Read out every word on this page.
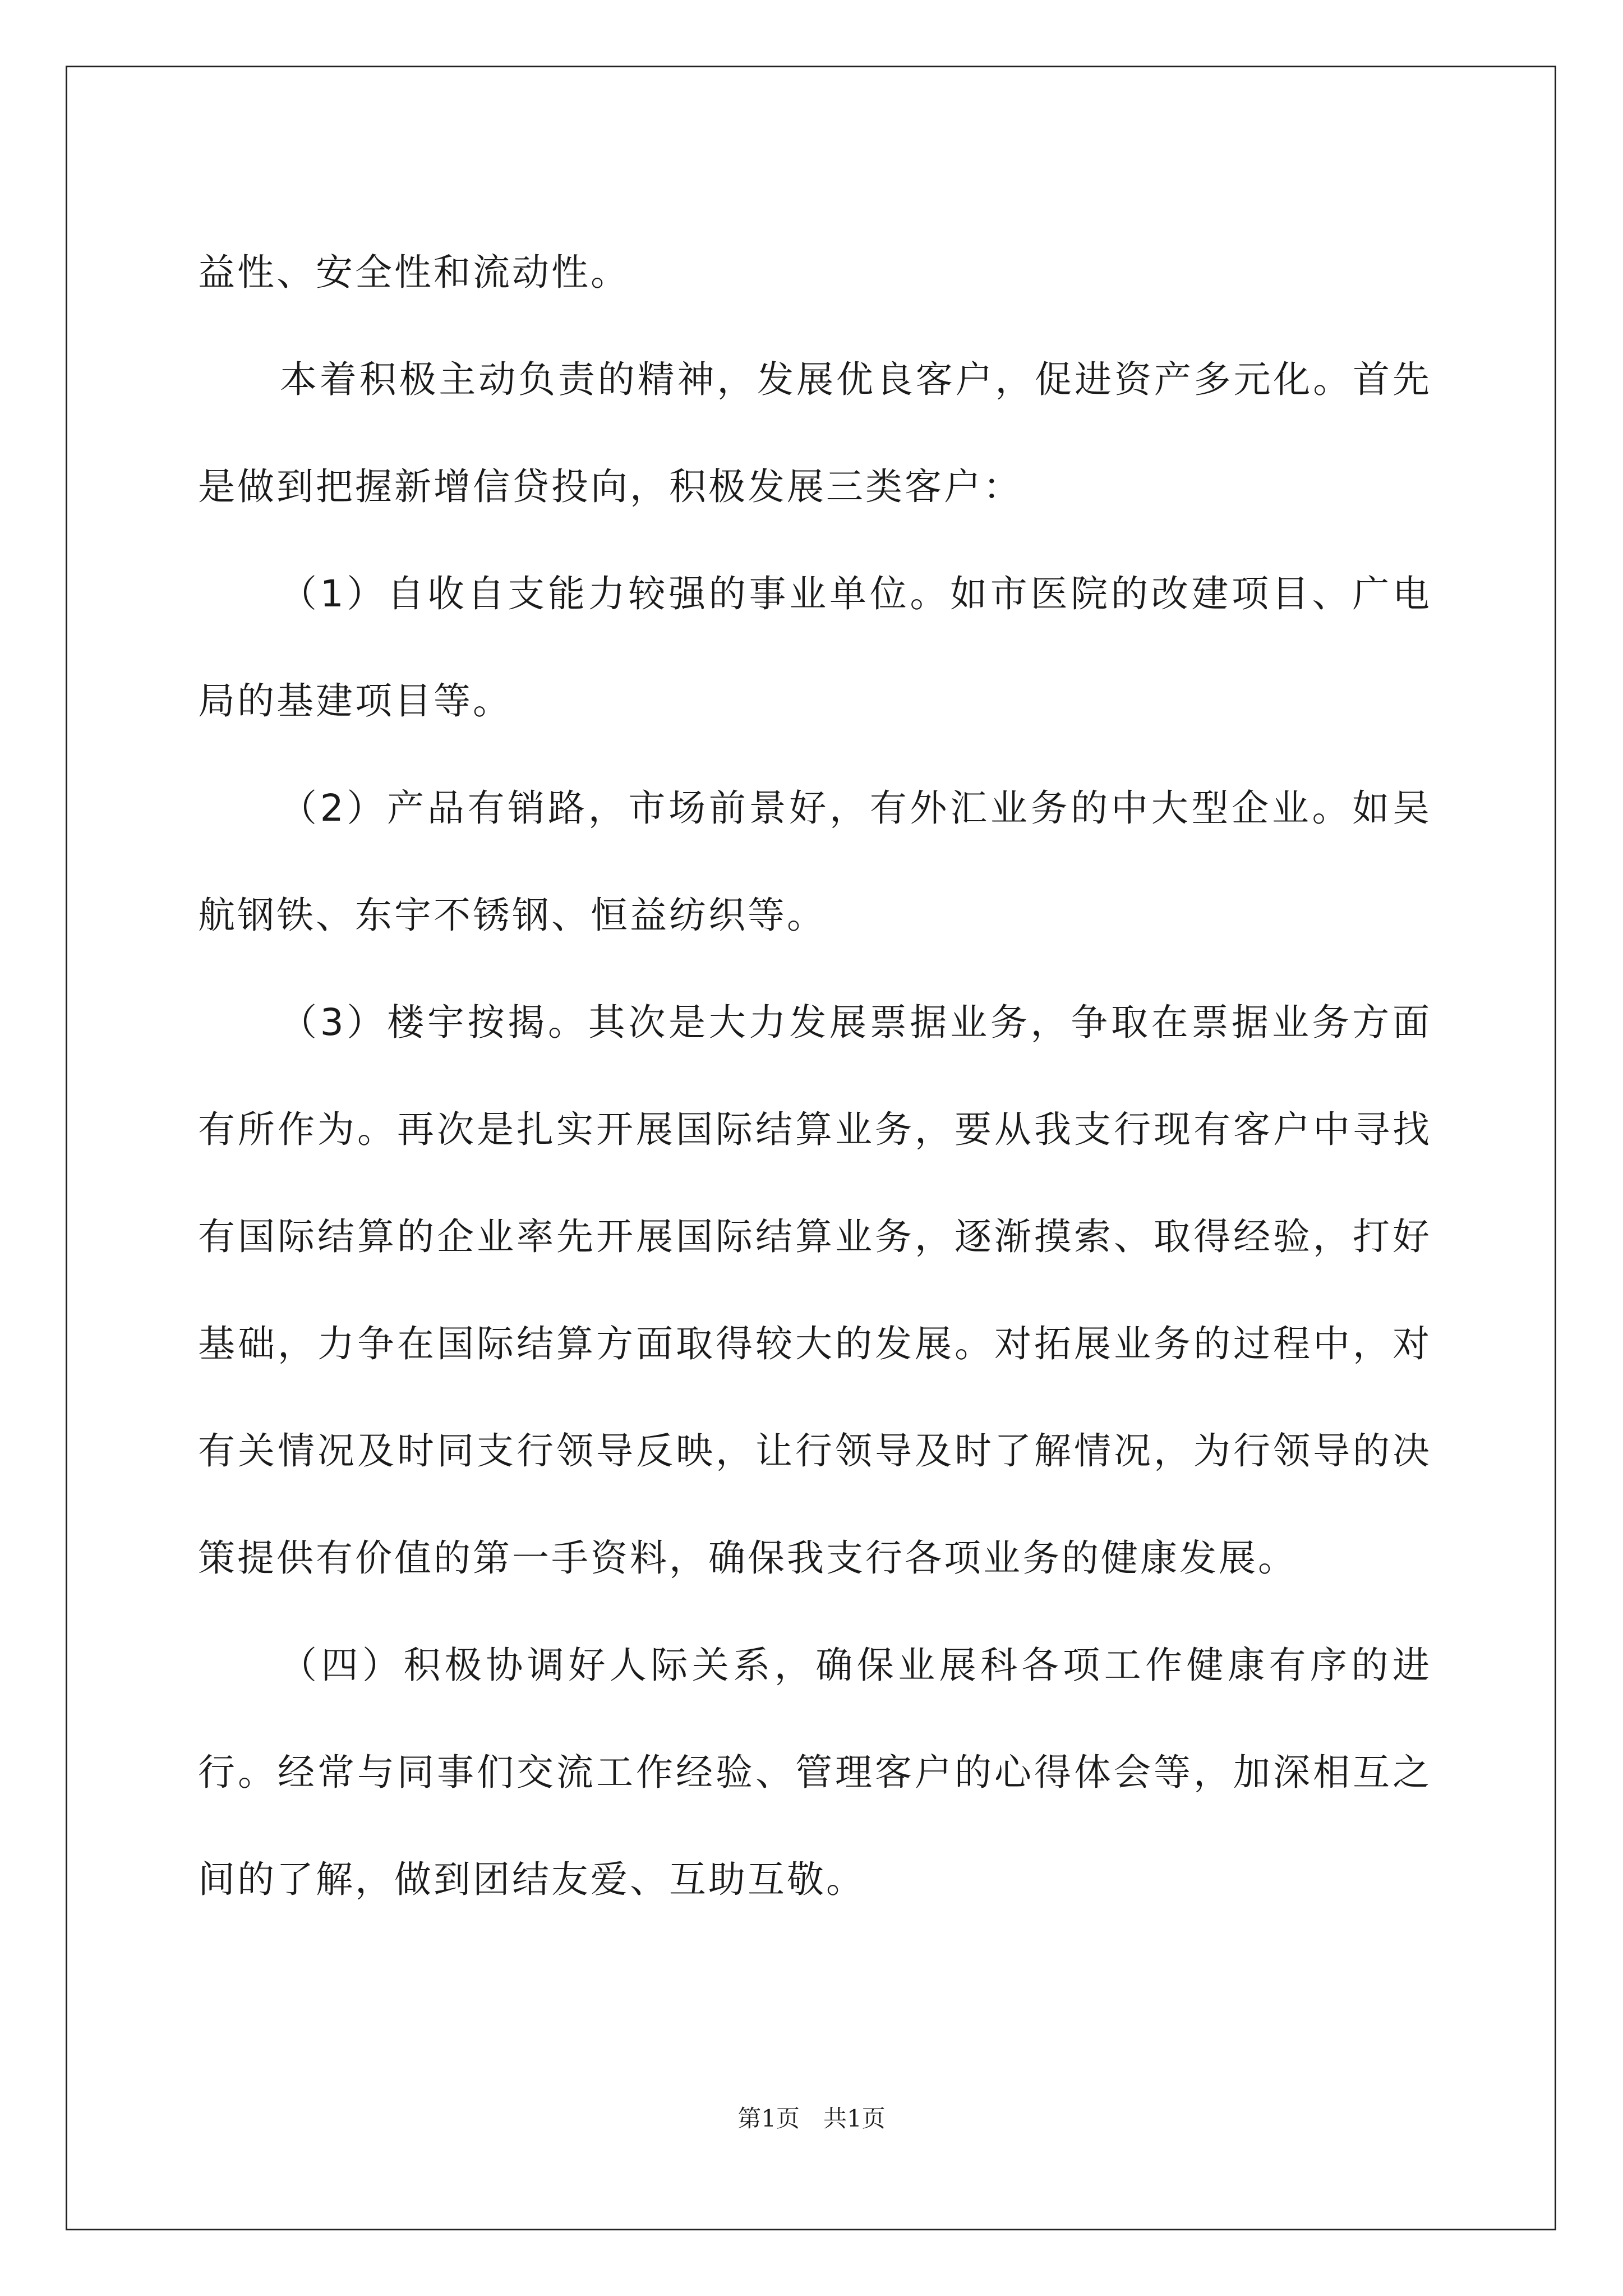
益性、安全性和流动性。

本着积极主动负责的精神，发展优良客户，促进资产多元化。首先是做到把握新增信贷投向，积极发展三类客户：

（1）自收自支能力较强的事业单位。如市医院的改建项目、广电局的基建项目等。

（2）产品有销路，市场前景好，有外汇业务的中大型企业。如吴航钢铁、东宇不锈钢、恒益纺织等。

（3）楼宇按揭。其次是大力发展票据业务，争取在票据业务方面有所作为。再次是扎实开展国际结算业务，要从我支行现有客户中寻找有国际结算的企业率先开展国际结算业务，逐渐摸索、取得经验，打好基础，力争在国际结算方面取得较大的发展。对拓展业务的过程中，对有关情况及时同支行领导反映，让行领导及时了解情况，为行领导的决策提供有价值的第一手资料，确保我支行各项业务的健康发展。

（四）积极协调好人际关系，确保业展科各项工作健康有序的进行。经常与同事们交流工作经验、管理客户的心得体会等，加深相互之间的了解，做到团结友爱、互助互敬。

第1页　共1页
